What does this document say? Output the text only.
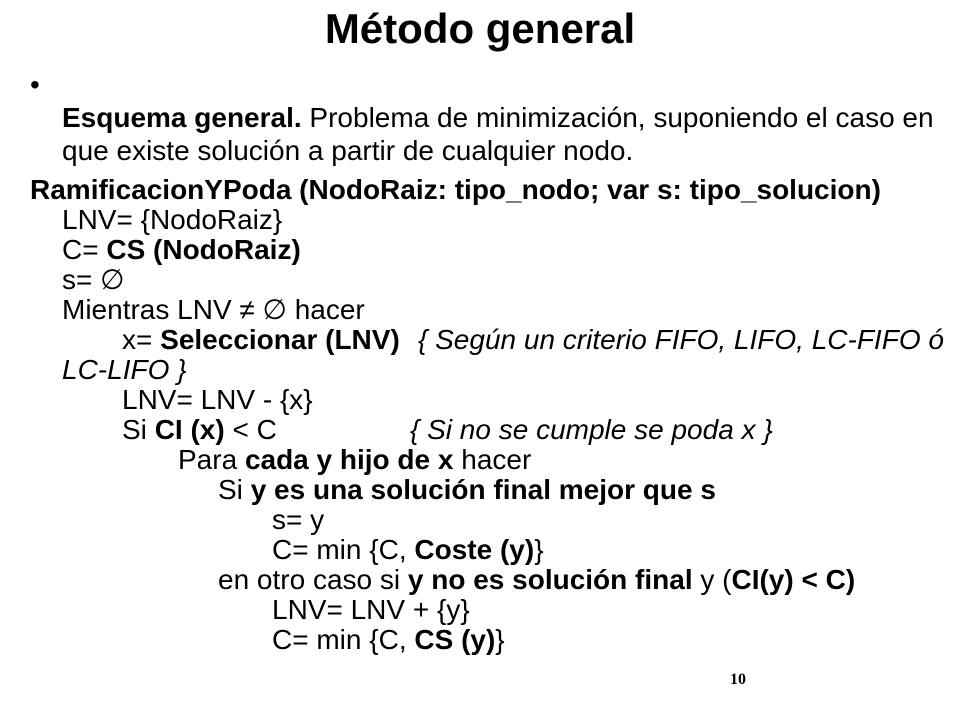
Método general
•

Esquema general. Problema de minimización, suponiendo el caso en
que existe solución a partir de cualquier nodo.

RamificacionYPoda (NodoRaiz: tipo_nodo; var s: tipo_solucion)
LNV= {NodoRaiz}
C= CS (NodoRaiz)
s= ∅
Mientras LNV ≠ ∅ hacer
x= Seleccionar (LNV) { Según un criterio FIFO, LIFO, LC-FIFO ó
LC-LIFO }
LNV= LNV - {x}
Si CI (x) < C	{ Si no se cumple se poda x }
Para cada y hijo de x hacer
Si y es una solución final mejor que s
s= y
C= min {C, Coste (y)}
en otro caso si y no es solución final y (CI(y) < C)
LNV= LNV + {y}
C= min {C, CS (y)}
10
